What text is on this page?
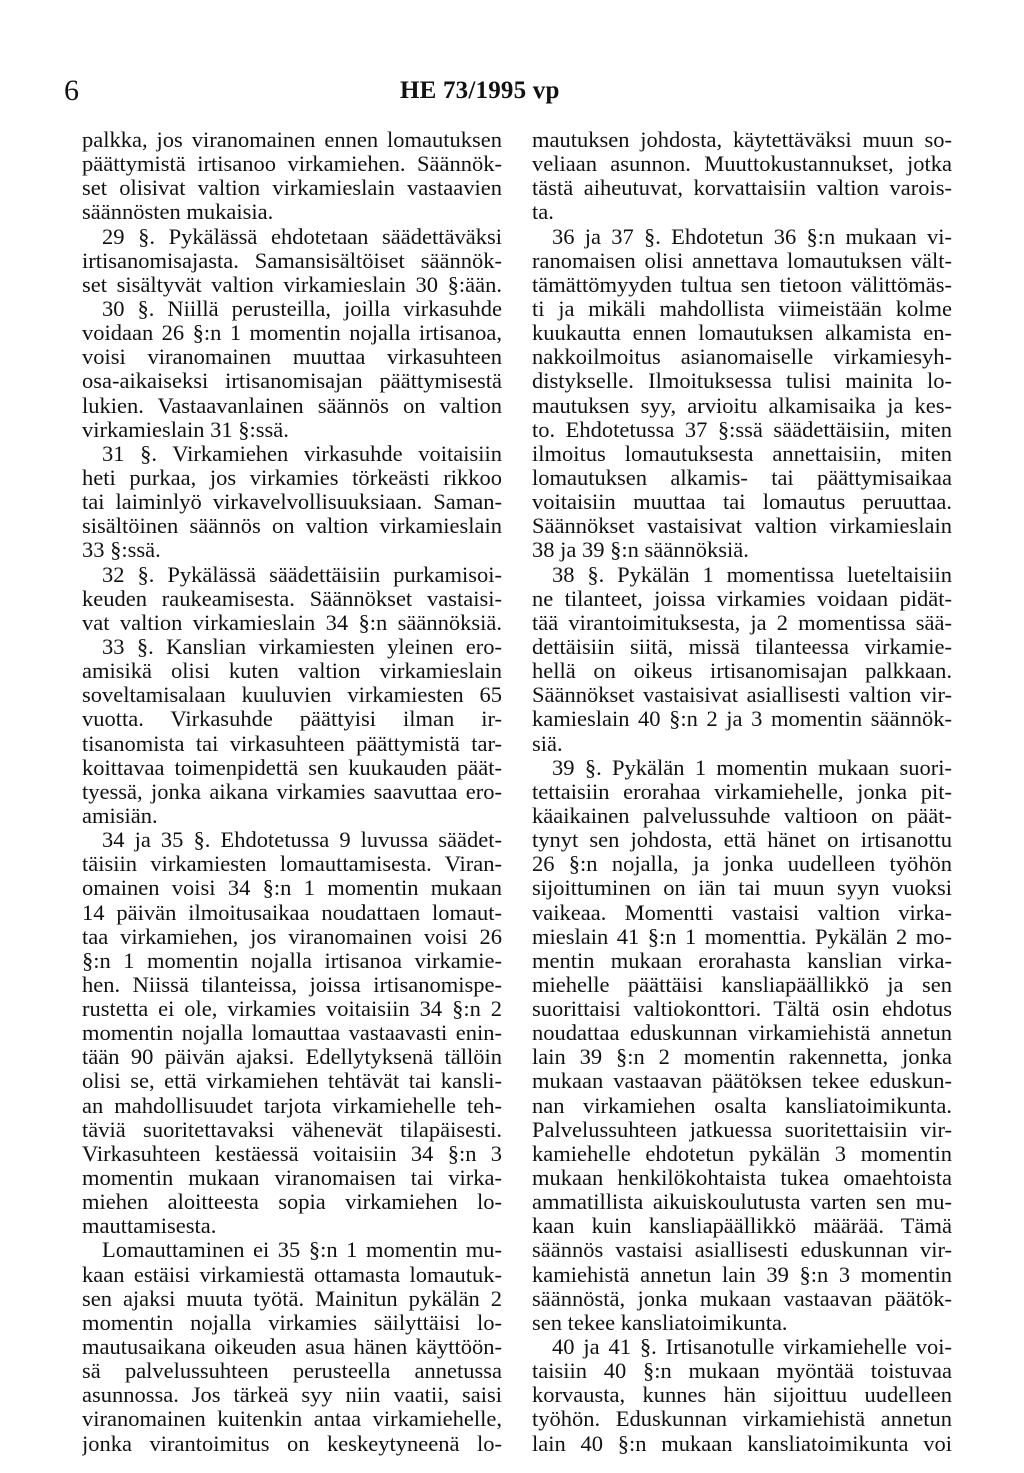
6	HE 73/1995 vp
palkka, jos viranomainen ennen lomautuksen
päättymistä irtisanoo virkamiehen. Säännök-
set olisivat valtion virkamieslain vastaavien
säännösten mukaisia.
29 §. Pykälässä ehdotetaan säädettäväksi
irtisanomisajasta. Samansisältöiset säännök-
set sisältyvät valtion virkamieslain 30 §:ään.
30 §. Niillä perusteilla, joilla virkasuhde
voidaan 26 §:n 1 momentin nojalla irtisanoa,
voisi viranomainen muuttaa virkasuhteen
osa-aikaiseksi irtisanomisajan päättymisestä
lukien. Vastaavanlainen säännös on valtion
virkamieslain 31 §:ssä.
31 §. Virkamiehen virkasuhde voitaisiin
heti purkaa, jos virkamies törkeästi rikkoo
tai laiminlyö virkavelvollisuuksiaan. Saman-
sisältöinen säännös on valtion virkamieslain
33 §:ssä.
32 §. Pykälässä säädettäisiin purkamisoi-
keuden raukeamisesta. Säännökset vastaisi-
vat valtion virkamieslain 34 §:n säännöksiä.
33 §. Kanslian virkamiesten yleinen ero-
amisikä olisi kuten valtion virkamieslain
soveltamisalaan kuuluvien virkamiesten 65
vuotta. Virkasuhde päättyisi ilman ir-
tisanomista tai virkasuhteen päättymistä tar-
koittavaa toimenpidettä sen kuukauden päät-
tyessä, jonka aikana virkamies saavuttaa ero-
amisiän.
34 ja 35 §. Ehdotetussa 9 luvussa säädet-
täisiin virkamiesten lomauttamisesta. Viran-
omainen voisi 34 §:n 1 momentin mukaan
14 päivän ilmoitusaikaa noudattaen lomaut-
taa virkamiehen, jos viranomainen voisi 26
§:n 1 momentin nojalla irtisanoa virkamie-
hen. Niissä tilanteissa, joissa irtisanomispe-
rustetta ei ole, virkamies voitaisiin 34 §:n 2
momentin nojalla lomauttaa vastaavasti enin-
tään 90 päivän ajaksi. Edellytyksenä tällöin
olisi se, että virkamiehen tehtävät tai kansli-
an mahdollisuudet tarjota virkamiehelle teh-
täviä suoritettavaksi vähenevät tilapäisesti.
Virkasuhteen kestäessä voitaisiin 34 §:n 3
momentin mukaan viranomaisen tai virka-
miehen aloitteesta sopia virkamiehen lo-
mauttamisesta.
Lomauttaminen ei 35 §:n 1 momentin mu-
kaan estäisi virkamiestä ottamasta lomautuk-
sen ajaksi muuta työtä. Mainitun pykälän 2
momentin nojalla virkamies säilyttäisi lo-
mautusaikana oikeuden asua hänen käyttöön-
sä palvelussuhteen perusteella annetussa
asunnossa. Jos tärkeä syy niin vaatii, saisi
viranomainen kuitenkin antaa virkamiehelle,
jonka virantoimitus on keskeytyneenä lo-
mautuksen johdosta, käytettäväksi muun so-
veliaan asunnon. Muuttokustannukset, jotka
tästä aiheutuvat, korvattaisiin valtion varois-
ta.
36 ja 37 §. Ehdotetun 36 §:n mukaan vi-
ranomaisen olisi annettava lomautuksen vält-
tämättömyyden tultua sen tietoon välittömäs-
ti ja mikäli mahdollista viimeistään kolme
kuukautta ennen lomautuksen alkamista en-
nakkoilmoitus asianomaiselle virkamiesyh-
distykselle. Ilmoituksessa tulisi mainita lo-
mautuksen syy, arvioitu alkamisaika ja kes-
to. Ehdotetussa 37 §:ssä säädettäisiin, miten
ilmoitus lomautuksesta annettaisiin, miten
lomautuksen alkamis- tai päättymisaikaa
voitaisiin muuttaa tai lomautus peruuttaa.
Säännökset vastaisivat valtion virkamieslain
38 ja 39 §:n säännöksiä.
38 §. Pykälän 1 momentissa lueteltaisiin
ne tilanteet, joissa virkamies voidaan pidät-
tää virantoimituksesta, ja 2 momentissa sää-
dettäisiin siitä, missä tilanteessa virkamie-
hellä on oikeus irtisanomisajan palkkaan.
Säännökset vastaisivat asiallisesti valtion vir-
kamieslain 40 §:n 2 ja 3 momentin säännök-
siä.
39 §. Pykälän 1 momentin mukaan suori-
tettaisiin erorahaa virkamiehelle, jonka pit-
käaikainen palvelussuhde valtioon on päät-
tynyt sen johdosta, että hänet on irtisanottu
26 §:n nojalla, ja jonka uudelleen työhön
sijoittuminen on iän tai muun syyn vuoksi
vaikeaa. Momentti vastaisi valtion virka-
mieslain 41 §:n 1 momenttia. Pykälän 2 mo-
mentin mukaan erorahasta kanslian virka-
miehelle päättäisi kansliapäällikkö ja sen
suorittaisi valtiokonttori. Tältä osin ehdotus
noudattaa eduskunnan virkamiehistä annetun
lain 39 §:n 2 momentin rakennetta, jonka
mukaan vastaavan päätöksen tekee eduskun-
nan virkamiehen osalta kansliatoimikunta.
Palvelussuhteen jatkuessa suoritettaisiin vir-
kamiehelle ehdotetun pykälän 3 momentin
mukaan henkilökohtaista tukea omaehtoista
ammatillista aikuiskoulutusta varten sen mu-
kaan kuin kansliapäällikkö määrää. Tämä
säännös vastaisi asiallisesti eduskunnan vir-
kamiehistä annetun lain 39 §:n 3 momentin
säännöstä, jonka mukaan vastaavan päätök-
sen tekee kansliatoimikunta.
40 ja 41 §. Irtisanotulle virkamiehelle voi-
taisiin 40 §:n mukaan myöntää toistuvaa
korvausta, kunnes hän sijoittuu uudelleen
työhön. Eduskunnan virkamiehistä annetun
lain 40 §:n mukaan kansliatoimikunta voi
